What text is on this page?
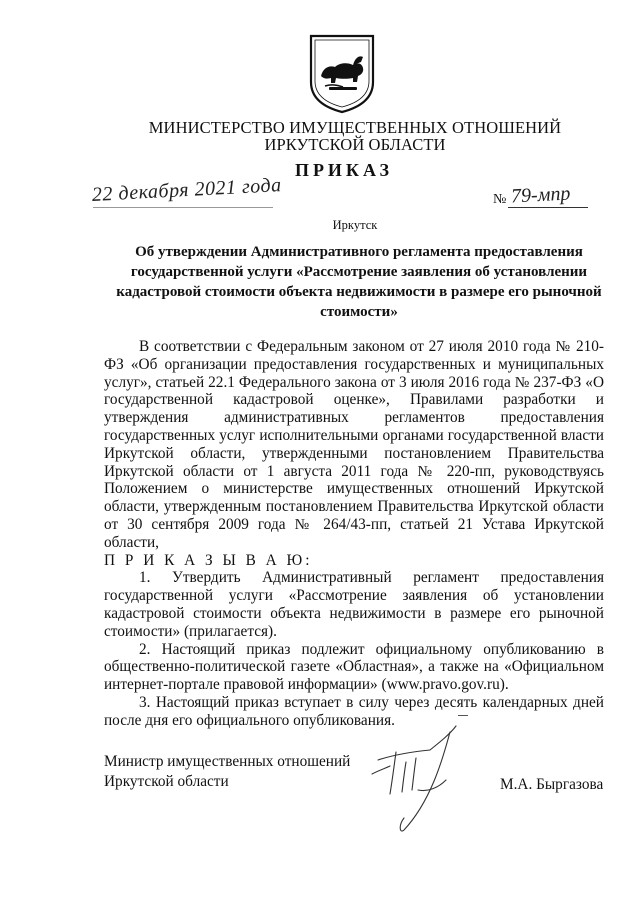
МИНИСТЕРСТВО ИМУЩЕСТВЕННЫХ ОТНОШЕНИЙ
ИРКУТСКОЙ ОБЛАСТИ
ПРИКАЗ
22 декабря 2021 года	№ 79-мпр
Иркутск
Об утверждении Административного регламента предоставления государственной услуги «Рассмотрение заявления об установлении кадастровой стоимости объекта недвижимости в размере его рыночной стоимости»

В соответствии с Федеральным законом от 27 июля 2010 года № 210-ФЗ «Об организации предоставления государственных и муниципальных услуг», статьей 22.1 Федерального закона от 3 июля 2016 года № 237-ФЗ «О государственной кадастровой оценке», Правилами разработки и утверждения административных регламентов предоставления государственных услуг исполнительными органами государственной власти Иркутской области, утвержденными постановлением Правительства Иркутской области от 1 августа 2011 года № 220-пп, руководствуясь Положением о министерстве имущественных отношений Иркутской области, утвержденным постановлением Правительства Иркутской области от 30 сентября 2009 года № 264/43-пп, статьей 21 Устава Иркутской области,

П Р И К А З Ы В А Ю:

1. Утвердить Административный регламент предоставления государственной услуги «Рассмотрение заявления об установлении кадастровой стоимости объекта недвижимости в размере его рыночной стоимости» (прилагается).

2. Настоящий приказ подлежит официальному опубликованию в общественно-политической газете «Областная», а также на «Официальном интернет-портале правовой информации» (www.pravo.gov.ru).

3. Настоящий приказ вступает в силу через десять календарных дней после дня его официального опубликования.

Министр имущественных отношений
Иркутской области	М.А. Быргазова
